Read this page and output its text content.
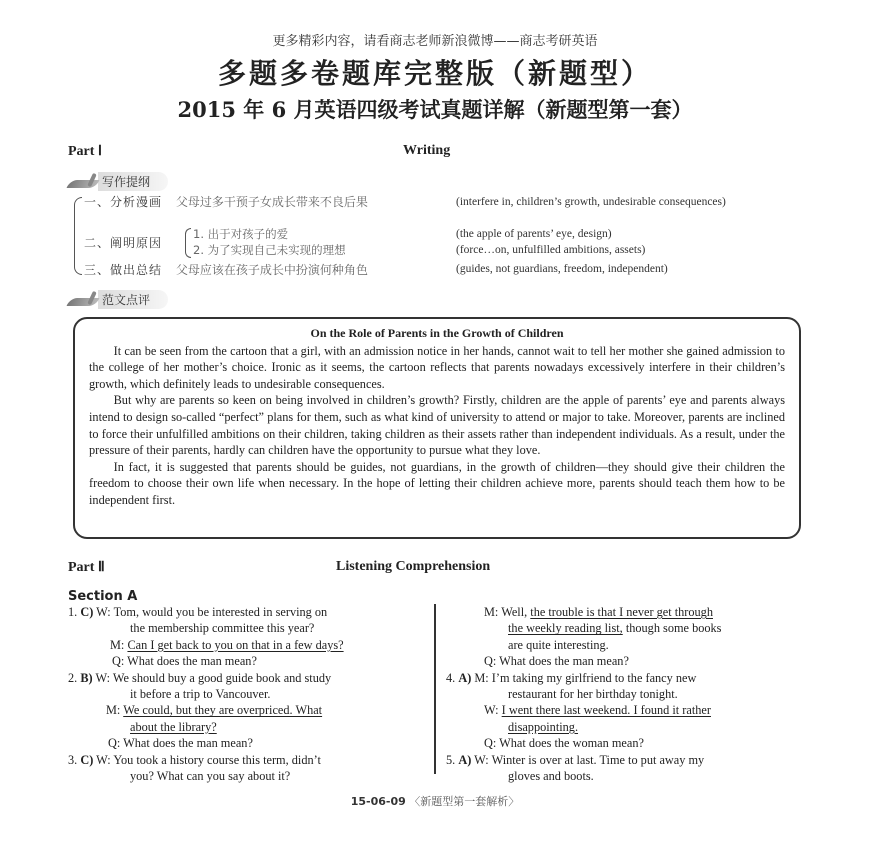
更多精彩内容，请看商志老师新浪微博——商志考研英语
多题多卷题库完整版（新题型）
2015 年 6 月英语四级考试真题详解（新题型第一套）
Part Ⅰ	Writing
写作提纲
一、分析漫画 父母过多干预子女成长带来不良后果	(interfere in, children’s growth, undesirable consequences)
二、阐明原因
1. 出于对孩子的爱
2. 为了实现自己未实现的理想
(the apple of parents’ eye, design)
(force…on, unfulfilled ambitions, assets)
三、做出总结 父母应该在孩子成长中扮演何种角色	(guides, not guardians, freedom, independent)
范文点评
On the Role of Parents in the Growth of Children

It can be seen from the cartoon that a girl, with an admission notice in her hands, cannot wait to tell her mother she gained admission to the college of her mother’s choice. Ironic as it seems, the cartoon reflects that parents nowadays excessively interfere in their children’s growth, which definitely leads to undesirable consequences.

But why are parents so keen on being involved in children’s growth? Firstly, children are the apple of parents’ eye and parents always intend to design so-called “perfect” plans for them, such as what kind of university to attend or major to take. Moreover, parents are inclined to force their unfulfilled ambitions on their children, taking children as their assets rather than independent individuals. As a result, under the pressure of their parents, hardly can children have the opportunity to pursue what they love.

In fact, it is suggested that parents should be guides, not guardians, in the growth of children—they should give their children the freedom to choose their own life when necessary. In the hope of letting their children achieve more, parents should teach them how to be independent first.

Part Ⅱ	Listening Comprehension
Section A
1. C) W: Tom, would you be interested in serving on
the membership committee this year?
M: Can I get back to you on that in a few days?
Q: What does the man mean?
2. B) W: We should buy a good guide book and study
it before a trip to Vancouver.
M: We could, but they are overpriced. What
about the library?
Q: What does the man mean?
3. C) W: You took a history course this term, didn’t
you? What can you say about it?
M: Well, the trouble is that I never get through
the weekly reading list, though some books
are quite interesting.
Q: What does the man mean?
4. A) M: I’m taking my girlfriend to the fancy new
restaurant for her birthday tonight.
W: I went there last weekend. I found it rather
disappointing.
Q: What does the woman mean?
5. A) W: Winter is over at last. Time to put away my
gloves and boots.
15-06-09 〈新题型第一套解析〉
